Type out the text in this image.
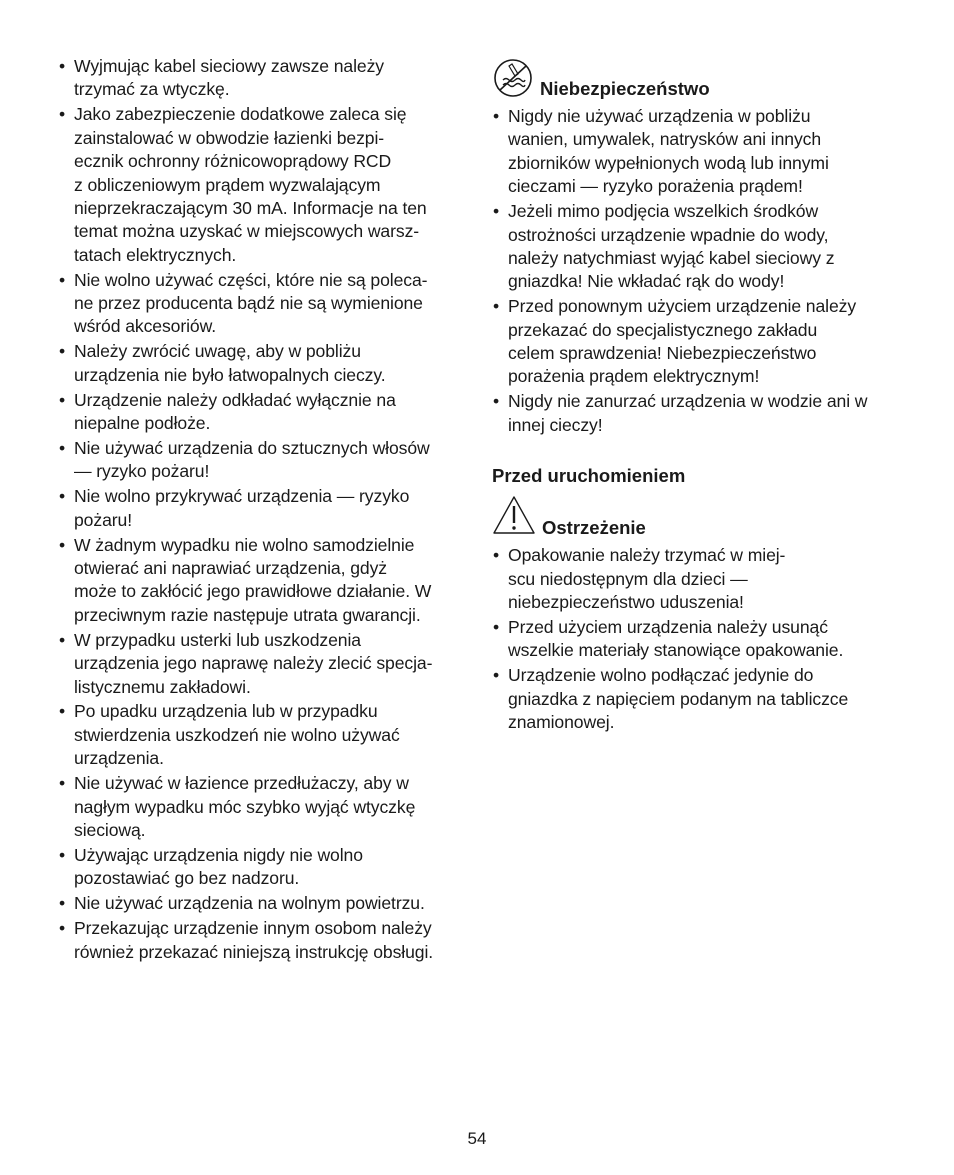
• Wyjmując kabel sieciowy zawsze należy
trzymać za wtyczkę.
• Jako zabezpieczenie dodatkowe zaleca się
zainstalować w obwodzie łazienki bezpi-
ecznik ochronny różnicowoprądowy RCD
z obliczeniowym prądem wyzwalającym
nieprzekraczającym 30 mA. Informacje na ten
temat można uzyskać w miejscowych warsz-
tatach elektrycznych.
• Nie wolno używać części, które nie są poleca-
ne przez producenta bądź nie są wymienione
wśród akcesoriów.
• Należy zwrócić uwagę, aby w pobliżu
urządzenia nie było łatwopalnych cieczy.
• Urządzenie należy odkładać wyłącznie na
niepalne podłoże.
• Nie używać urządzenia do sztucznych włosów
— ryzyko pożaru!
• Nie wolno przykrywać urządzenia — ryzyko
pożaru!
• W żadnym wypadku nie wolno samodzielnie
otwierać ani naprawiać urządzenia, gdyż
może to zakłócić jego prawidłowe działanie. W
przeciwnym razie następuje utrata gwarancji.
• W przypadku usterki lub uszkodzenia
urządzenia jego naprawę należy zlecić specja-
listycznemu zakładowi.
• Po upadku urządzenia lub w przypadku
stwierdzenia uszkodzeń nie wolno używać
urządzenia.
• Nie używać w łazience przedłużaczy, aby w
nagłym wypadku móc szybko wyjąć wtyczkę
sieciową.
• Używając urządzenia nigdy nie wolno
pozostawiać go bez nadzoru.
• Nie używać urządzenia na wolnym powietrzu.
• Przekazując urządzenie innym osobom należy
również przekazać niniejszą instrukcję obsługi.
Niebezpieczeństwo
• Nigdy nie używać urządzenia w pobliżu
wanien, umywalek, natrysków ani innych
zbiorników wypełnionych wodą lub innymi
cieczami — ryzyko porażenia prądem!
• Jeżeli mimo podjęcia wszelkich środków
ostrożności urządzenie wpadnie do wody,
należy natychmiast wyjąć kabel sieciowy z
gniazdka! Nie wkładać rąk do wody!
• Przed ponownym użyciem urządzenie należy
przekazać do specjalistycznego zakładu
celem sprawdzenia! Niebezpieczeństwo
porażenia prądem elektrycznym!
• Nigdy nie zanurzać urządzenia w wodzie ani w
innej cieczy!
Przed uruchomieniem
Ostrzeżenie
• Opakowanie należy trzymać w miej-
scu niedostępnym dla dzieci —
niebezpieczeństwo uduszenia!
• Przed użyciem urządzenia należy usunąć
wszelkie materiały stanowiące opakowanie.
• Urządzenie wolno podłączać jedynie do
gniazdka z napięciem podanym na tabliczce
znamionowej.
54
